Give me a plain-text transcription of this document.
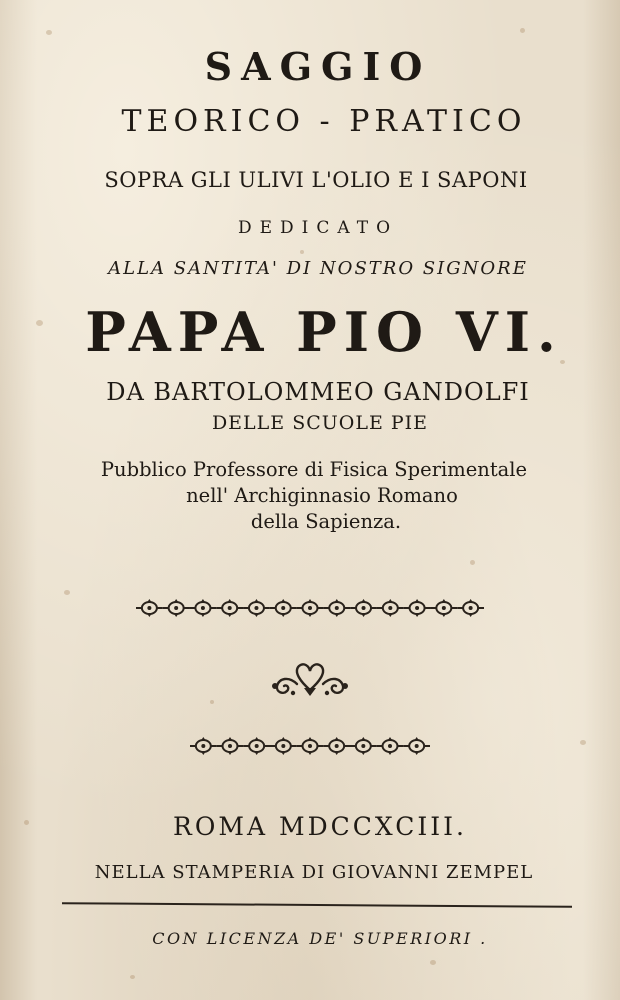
SAGGIO
TEORICO - PRATICO
SOPRA GLI ULIVI L'OLIO E I SAPONI
DEDICATO
ALLA SANTITA' DI NOSTRO SIGNORE
PAPA PIO VI.
DA BARTOLOMMEO GANDOLFI
DELLE SCUOLE PIE
Pubblico Professore di Fisica Sperimentale
nell' Archiginnasio Romano
della Sapienza.
ROMA MDCCXCIII.
NELLA STAMPERIA DI GIOVANNI ZEMPEL
CON LICENZA DE' SUPERIORI .
